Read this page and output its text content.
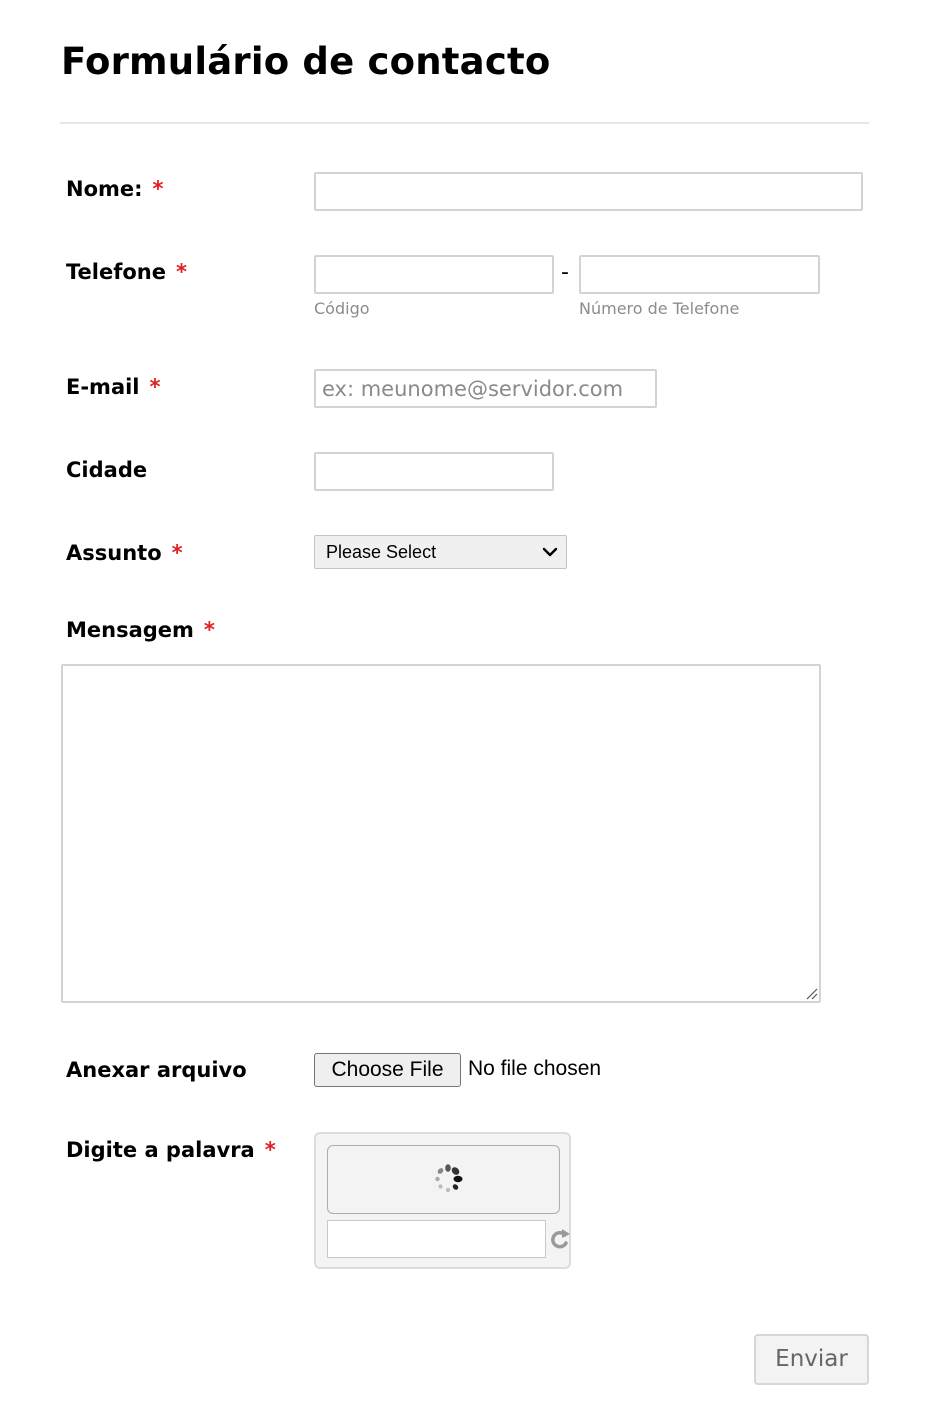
Formulário de contacto
Nome: *
Telefone *	-
Código	Número de Telefone
E-mail *
ex: meunome@servidor.com
Cidade
Assunto *	Please Select
Mensagem *
Anexar arquivo	Choose File	No file chosen
Digite a palavra *
Enviar
